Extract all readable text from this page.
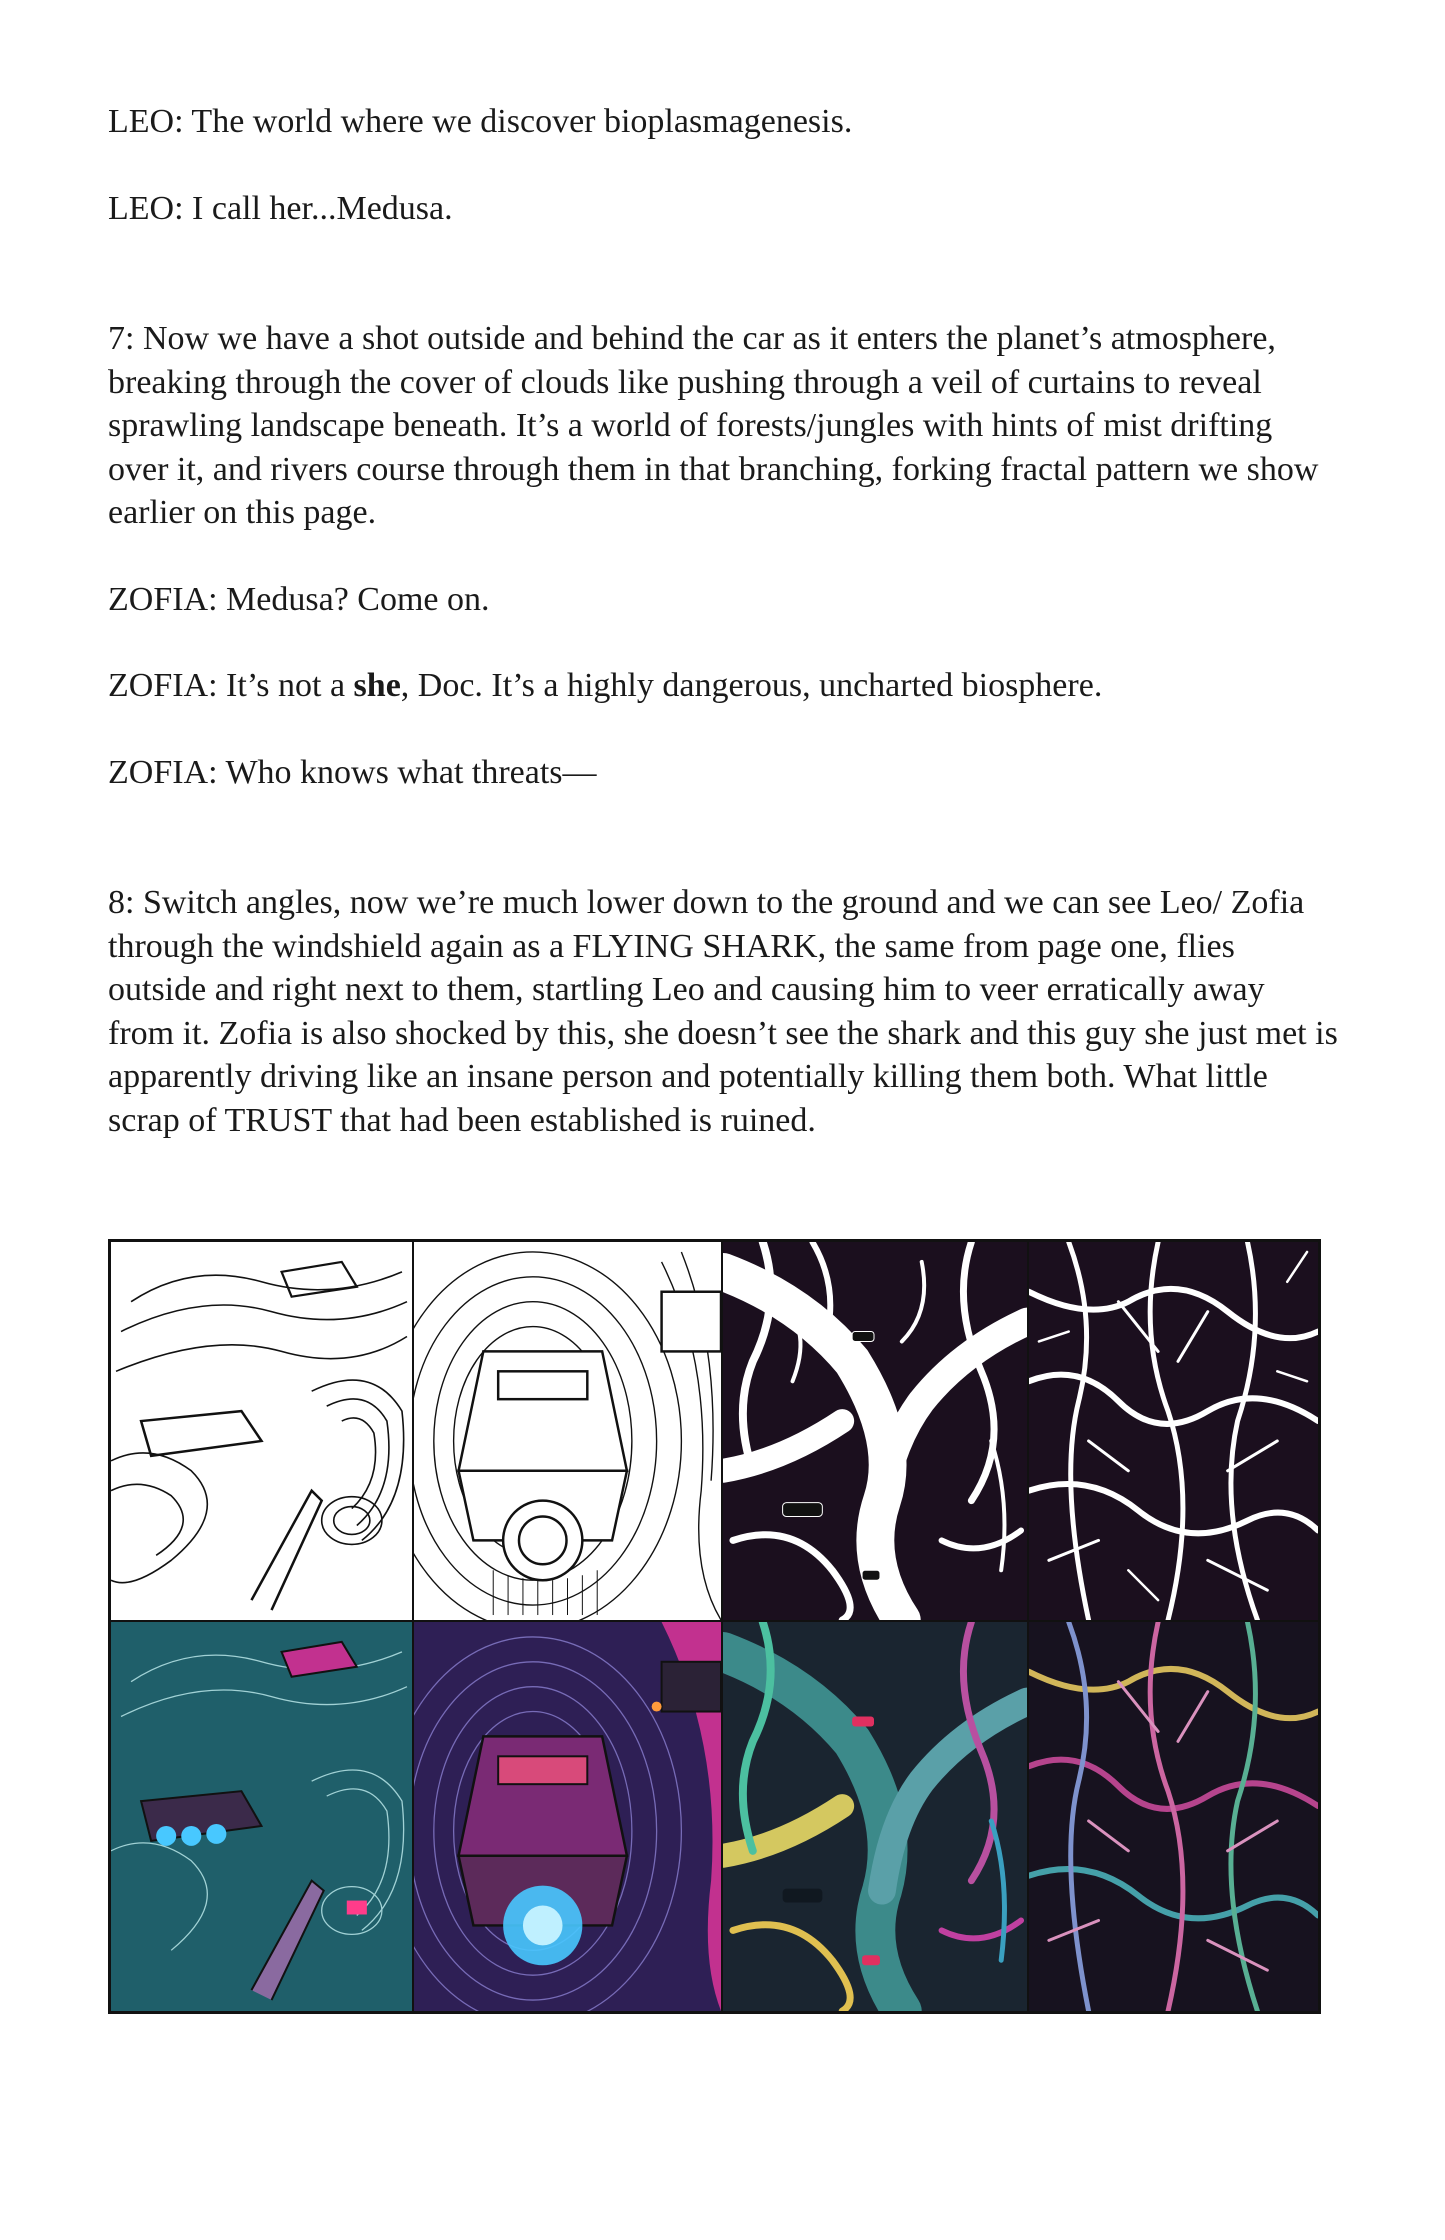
LEO: The world where we discover bioplasmagenesis.

LEO: I call her...Medusa.

7: Now we have a shot outside and behind the car as it enters the planet’s atmosphere, breaking through the cover of clouds like pushing through a veil of curtains to reveal sprawling landscape beneath. It’s a world of forests/jungles with hints of mist drifting over it, and rivers course through them in that branching, forking fractal pattern we show earlier on this page.

ZOFIA: Medusa? Come on.

ZOFIA: It’s not a she, Doc. It’s a highly dangerous, uncharted biosphere.

ZOFIA: Who knows what threats—

8: Switch angles, now we’re much lower down to the ground and we can see Leo/ Zofia through the windshield again as a FLYING SHARK, the same from page one, flies outside and right next to them, startling Leo and causing him to veer erratically away from it. Zofia is also shocked by this, she doesn’t see the shark and this guy she just met is apparently driving like an insane person and potentially killing them both. What little scrap of TRUST that had been established is ruined.
